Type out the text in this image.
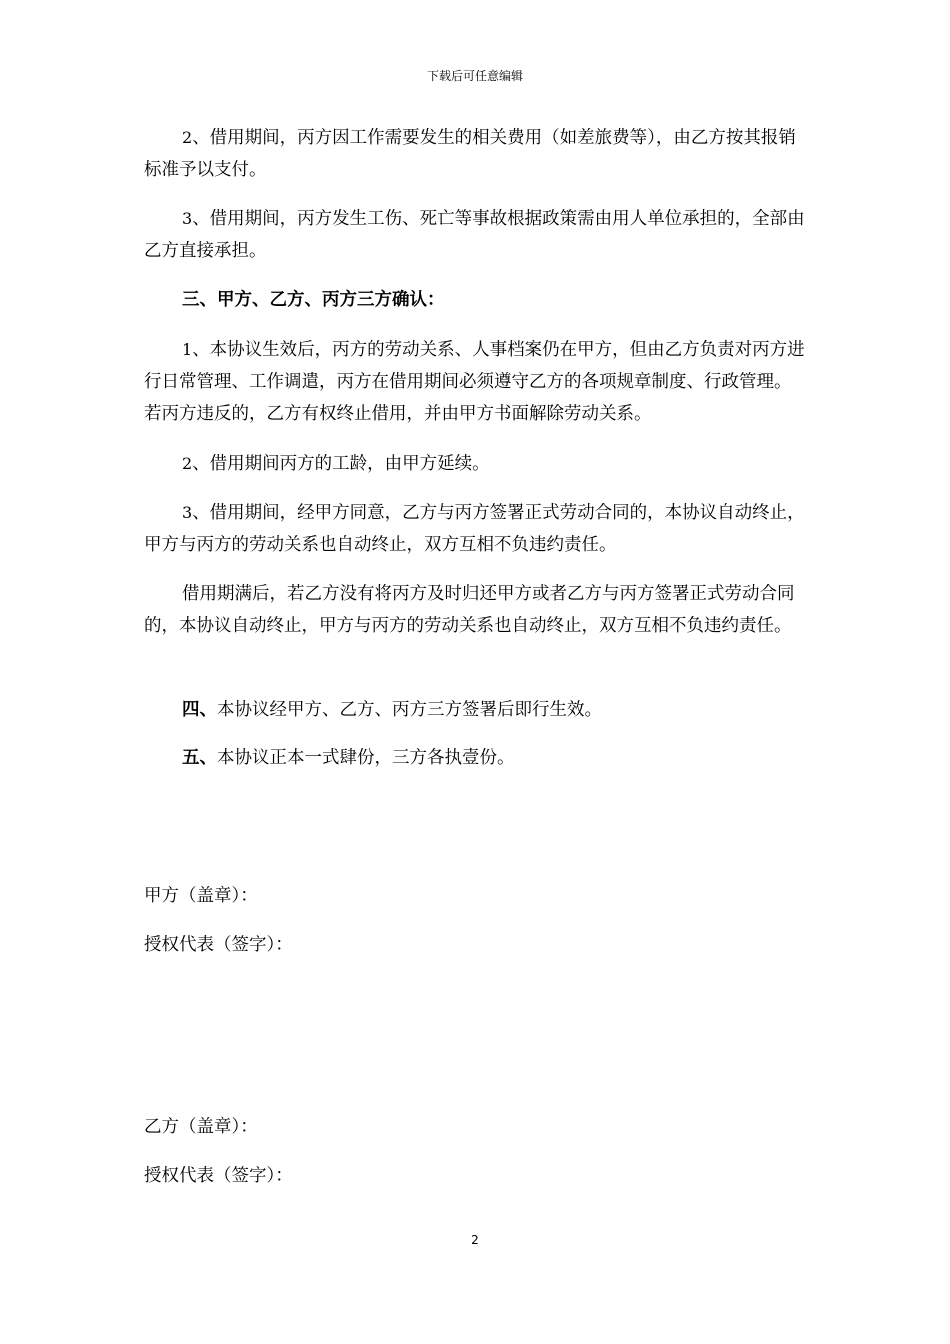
下载后可任意编辑

2、借用期间，丙方因工作需要发生的相关费用（如差旅费等），由乙方按其报销标准予以支付。

3、借用期间，丙方发生工伤、死亡等事故根据政策需由用人单位承担的，全部由乙方直接承担。

三、甲方、乙方、丙方三方确认：

1、本协议生效后，丙方的劳动关系、人事档案仍在甲方，但由乙方负责对丙方进行日常管理、工作调遣，丙方在借用期间必须遵守乙方的各项规章制度、行政管理。若丙方违反的，乙方有权终止借用，并由甲方书面解除劳动关系。

2、借用期间丙方的工龄，由甲方延续。

3、借用期间，经甲方同意，乙方与丙方签署正式劳动合同的，本协议自动终止，甲方与丙方的劳动关系也自动终止，双方互相不负违约责任。

借用期满后，若乙方没有将丙方及时归还甲方或者乙方与丙方签署正式劳动合同的，本协议自动终止，甲方与丙方的劳动关系也自动终止，双方互相不负违约责任。

四、本协议经甲方、乙方、丙方三方签署后即行生效。

五、本协议正本一式肆份，三方各执壹份。

甲方（盖章）：
授权代表（签字）：
乙方（盖章）：
授权代表（签字）：
2
